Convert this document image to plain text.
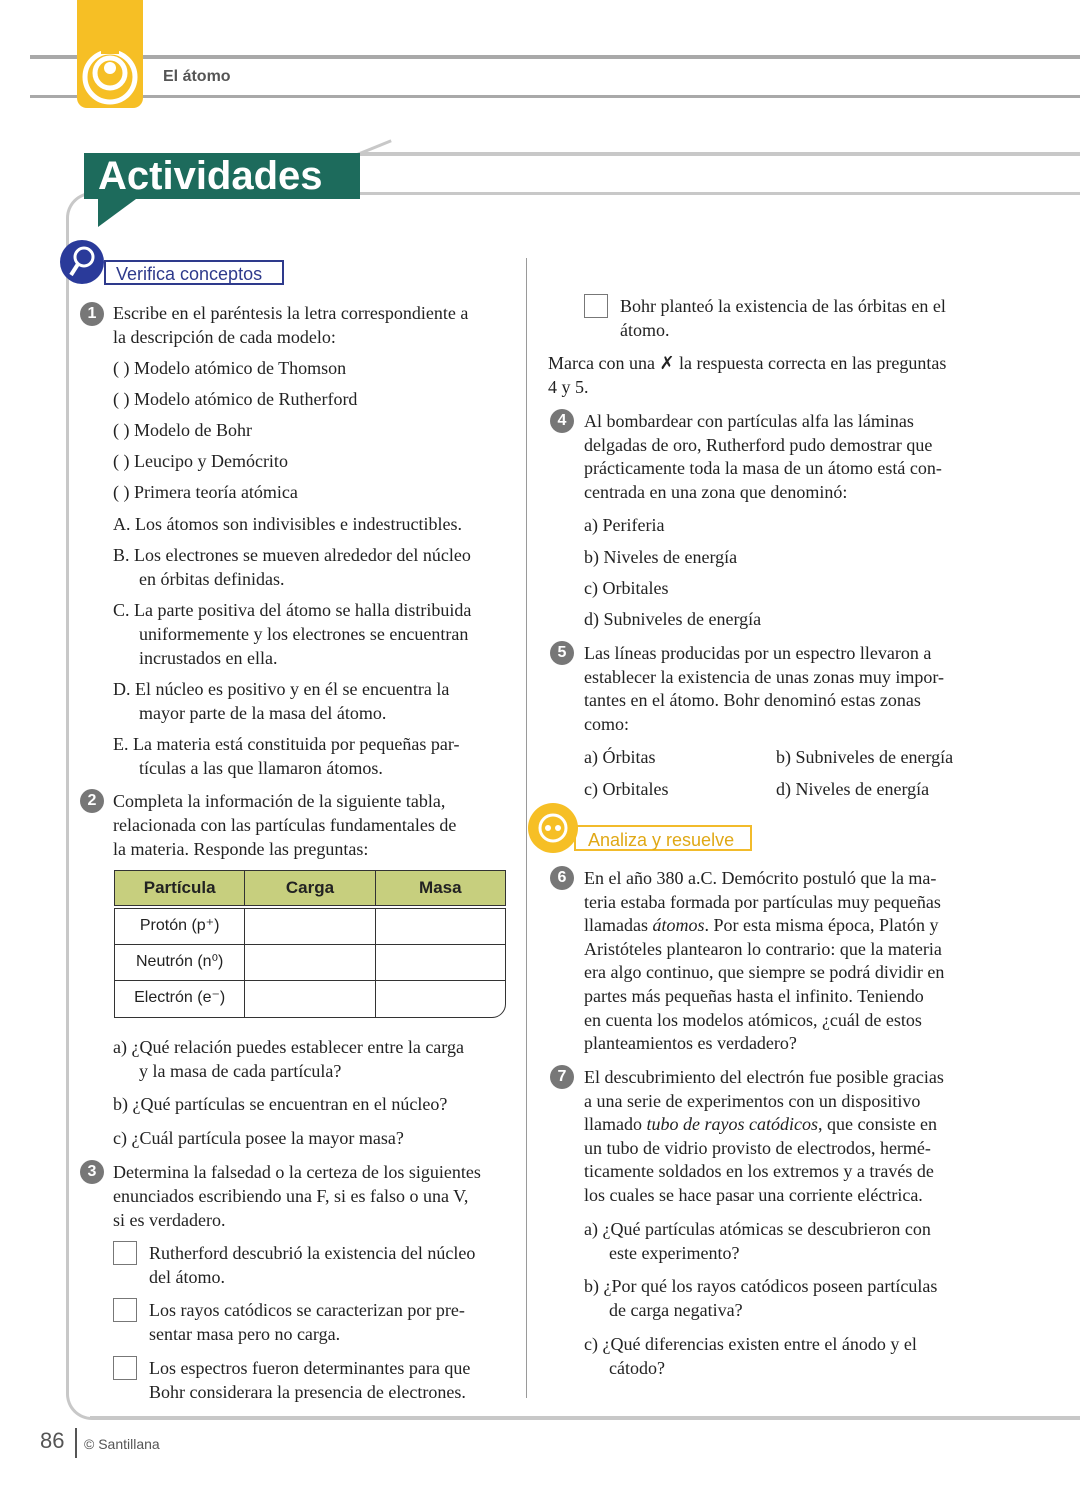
El átomo
Actividades
Verifica conceptos
1 Escribe en el paréntesis la letra correspondiente a
la descripción de cada modelo:
( ) Modelo atómico de Thomson
( ) Modelo atómico de Rutherford
( ) Modelo de Bohr
( ) Leucipo y Demócrito
( ) Primera teoría atómica
A. Los átomos son indivisibles e indestructibles.
B. Los electrones se mueven alrededor del núcleo
en órbitas definidas.
C. La parte positiva del átomo se halla distribuida
uniformemente y los electrones se encuentran
incrustados en ella.
D. El núcleo es positivo y en él se encuentra la
mayor parte de la masa del átomo.
E. La materia está constituida por pequeñas par-
tículas a las que llamaron átomos.
2 Completa la información de la siguiente tabla,
relacionada con las partículas fundamentales de
la materia. Responde las preguntas:
Partícula	Carga	Masa
Protón (p⁺)
Neutrón (n⁰)
Electrón (e⁻)
a) ¿Qué relación puedes establecer entre la carga
y la masa de cada partícula?
b) ¿Qué partículas se encuentran en el núcleo?
c) ¿Cuál partícula posee la mayor masa?
3 Determina la falsedad o la certeza de los siguientes
enunciados escribiendo una F, si es falso o una V,
si es verdadero.
Rutherford descubrió la existencia del núcleo
del átomo.
Los rayos catódicos se caracterizan por pre-
sentar masa pero no carga.
Los espectros fueron determinantes para que
Bohr considerara la presencia de electrones.
Bohr planteó la existencia de las órbitas en el
átomo.
Marca con una ✗ la respuesta correcta en las preguntas
4 y 5.
4 Al bombardear con partículas alfa las láminas
delgadas de oro, Rutherford pudo demostrar que
prácticamente toda la masa de un átomo está con-
centrada en una zona que denominó:
a) Periferia
b) Niveles de energía
c) Orbitales
d) Subniveles de energía
5 Las líneas producidas por un espectro llevaron a
establecer la existencia de unas zonas muy impor-
tantes en el átomo. Bohr denominó estas zonas
como:
a) Órbitas	b) Subniveles de energía
c) Orbitales	d) Niveles de energía
Analiza y resuelve
6 En el año 380 a.C. Demócrito postuló que la ma-
teria estaba formada por partículas muy pequeñas
llamadas átomos. Por esta misma época, Platón y
Aristóteles plantearon lo contrario: que la materia
era algo continuo, que siempre se podrá dividir en
partes más pequeñas hasta el infinito. Teniendo
en cuenta los modelos atómicos, ¿cuál de estos
planteamientos es verdadero?
7 El descubrimiento del electrón fue posible gracias
a una serie de experimentos con un dispositivo
llamado tubo de rayos catódicos, que consiste en
un tubo de vidrio provisto de electrodos, hermé-
ticamente soldados en los extremos y a través de
los cuales se hace pasar una corriente eléctrica.
a) ¿Qué partículas atómicas se descubrieron con
este experimento?
b) ¿Por qué los rayos catódicos poseen partículas
de carga negativa?
c) ¿Qué diferencias existen entre el ánodo y el
cátodo?
86 © Santillana
